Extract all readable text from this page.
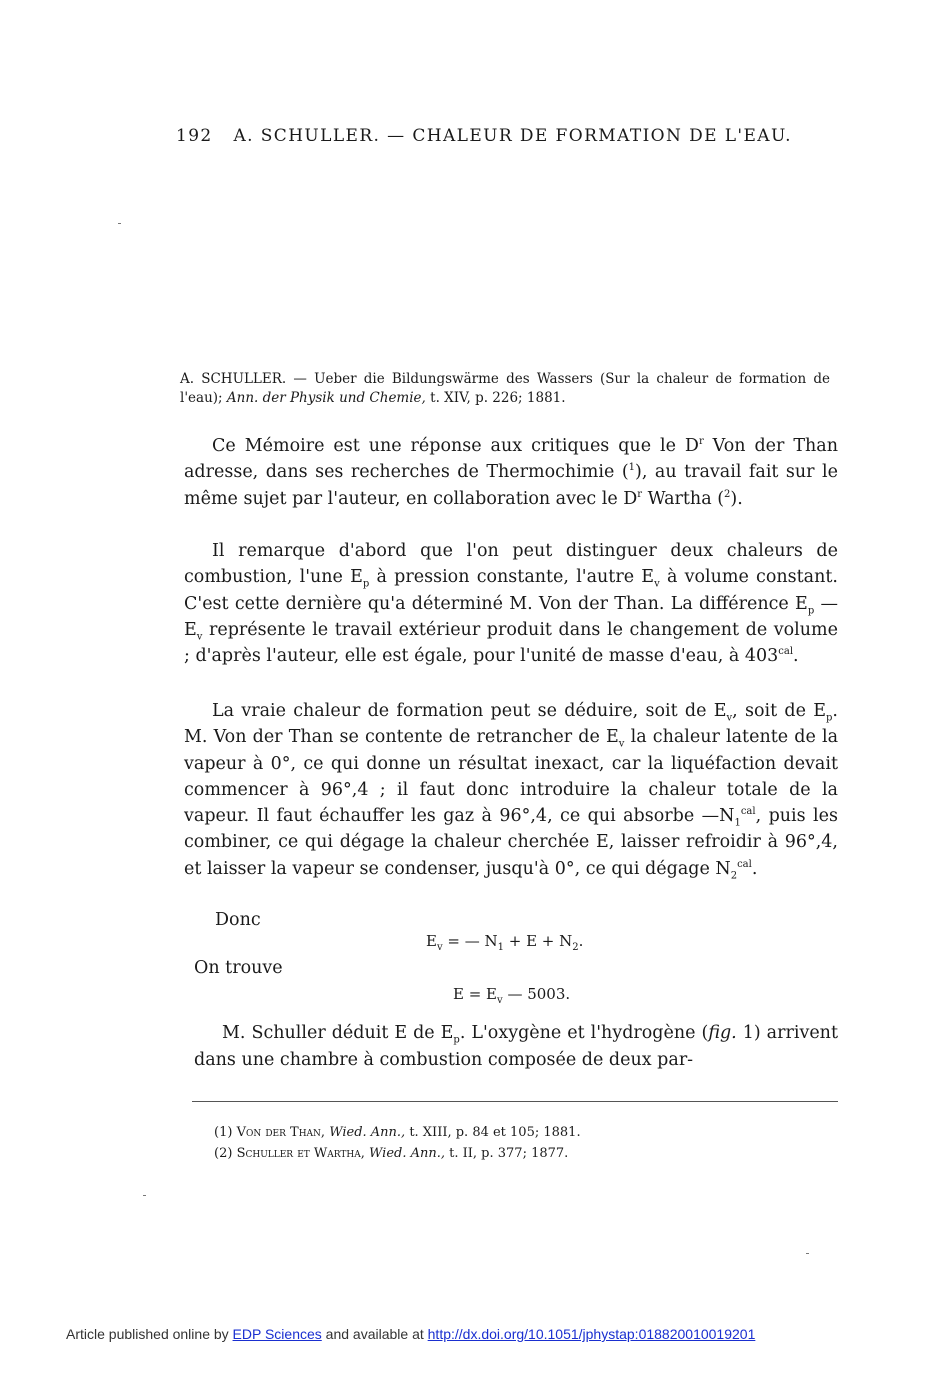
192 A. SCHULLER. — CHALEUR DE FORMATION DE L'EAU.
A. SCHULLER. — Ueber die Bildungswärme des Wassers (Sur la chaleur de formation de l'eau); Ann. der Physik und Chemie, t. XIV, p. 226; 1881.

Ce Mémoire est une réponse aux critiques que le $D^r$ Von der Than adresse, dans ses recherches de Thermochimie ($^1$), au travail fait sur le même sujet par l'auteur, en collaboration avec le $D^r$ Wartha ($^2$).

Il remarque d'abord que l'on peut distinguer deux chaleurs de combustion, l'une $E_p$ à pression constante, l'autre $E_v$ à volume constant. C'est cette dernière qu'a déterminé M. Von der Than. La différence $E_p$ — $E_v$ représente le travail extérieur produit dans le changement de volume ; d'après l'auteur, elle est égale, pour l'unité de masse d'eau, à $403^{cal}$.

La vraie chaleur de formation peut se déduire, soit de $E_v$, soit de $E_p$. M. Von der Than se contente de retrancher de $E_v$ la chaleur latente de la vapeur à 0°, ce qui donne un résultat inexact, car la liquéfaction devait commencer à 96°,4 ; il faut donc introduire la chaleur totale de la vapeur. Il faut échauffer les gaz à 96°,4, ce qui absorbe $—N_1^{cal}$, puis les combiner, ce qui dégage la chaleur cherchée E, laisser refroidir à 96°,4, et laisser la vapeur se condenser, jusqu'à 0°, ce qui dégage $N_2^{cal}$.

Donc
$E_v$ = — $N_1 + E + N_2$.
On trouve
$E = E_v$ — 5003.

M. Schuller déduit E de $E_p$. L'oxygène et l'hydrogène (fig. 1) arrivent dans une chambre à combustion composée de deux par-

(1) Von der Than, Wied. Ann., t. XIII, p. 84 et 105; 1881.
(2) Schuller et Wartha, Wied. Ann., t. II, p. 377; 1877.
Article published online by EDP Sciences and available at http://dx.doi.org/10.1051/jphystap:018820010019201
